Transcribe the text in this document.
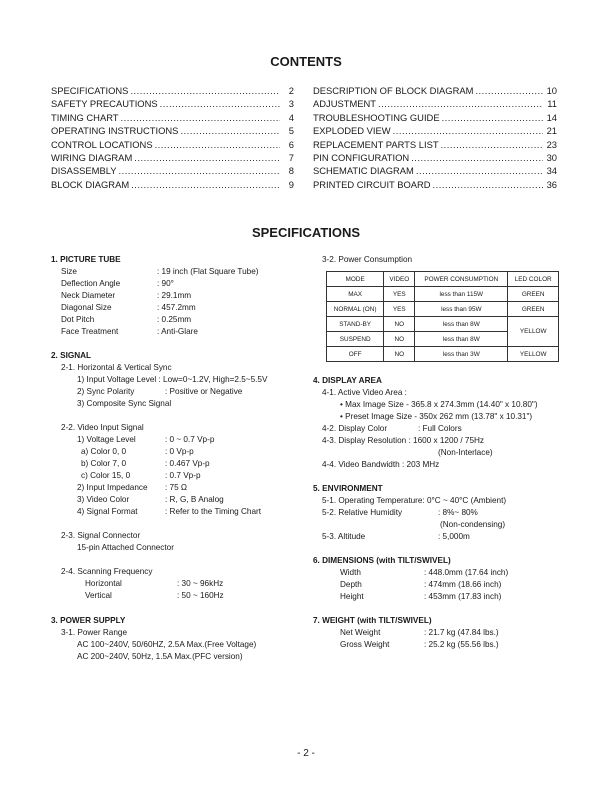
CONTENTS
SPECIFICATIONS .....	2
SAFETY PRECAUTIONS .....	3
TIMING CHART .....	4
OPERATING INSTRUCTIONS .....	5
CONTROL LOCATIONS .....	6
WIRING DIAGRAM .....	7
DISASSEMBLY .....	8
BLOCK DIAGRAM .....	9
DESCRIPTION OF BLOCK DIAGRAM .....	10
ADJUSTMENT .....	11
TROUBLESHOOTING GUIDE .....	14
EXPLODED VIEW .....	21
REPLACEMENT PARTS LIST .....	23
PIN CONFIGURATION .....	30
SCHEMATIC DIAGRAM .....	34
PRINTED CIRCUIT BOARD .....	36
SPECIFICATIONS
1. PICTURE TUBE
Size	: 19 inch (Flat Square Tube)
Deflection Angle	: 90°
Neck Diameter	: 29.1mm
Diagonal Size	: 457.2mm
Dot Pitch	: 0.25mm
Face Treatment	: Anti-Glare
2. SIGNAL
2-1. Horizontal & Vertical Sync
1) Input Voltage Level : Low=0~1.2V, High=2.5~5.5V
2) Sync Polarity	: Positive or Negative
3) Composite Sync Signal
2-2. Video Input Signal
1) Voltage Level	: 0 ~ 0.7 Vp-p
a) Color 0, 0	: 0 Vp-p
b) Color 7, 0	: 0.467 Vp-p
c) Color 15, 0	: 0.7 Vp-p
2) Input Impedance : 75 Ω
3) Video Color	: R, G, B Analog
4) Signal Format	: Refer to the Timing Chart
2-3. Signal Connector
15-pin Attached Connector
2-4. Scanning Frequency
Horizontal	: 30 ~ 96kHz
Vertical	: 50 ~ 160Hz
3. POWER SUPPLY
3-1. Power Range
AC 100~240V, 50/60HZ, 2.5A Max.(Free Voltage)
AC 200~240V, 50Hz, 1.5A Max.(PFC version)
3-2. Power Consumption
MODE	VIDEO	POWER CONSUMPTION	LED COLOR
MAX	YES	less than 115W	GREEN
NORMAL (ON)	YES	less than 95W	GREEN
STAND-BY	NO	less than 8W	YELLOW
SUSPEND	NO	less than 8W	
OFF	NO	less than 3W	YELLOW
4. DISPLAY AREA
4-1. Active Video Area :
• Max Image Size - 365.8 x 274.3mm (14.40" x 10.80")
• Preset Image Size - 350x 262 mm (13.78" x 10.31")
4-2. Display Color	: Full Colors
4-3. Display Resolution : 1600 x 1200 / 75Hz
(Non-Interlace)
4-4. Video Bandwidth : 203 MHz
5. ENVIRONMENT
5-1. Operating Temperature: 0°C ~ 40°C (Ambient)
5-2. Relative Humidity	: 8%~ 80%
(Non-condensing)
5-3. Altitude	: 5,000m
6. DIMENSIONS (with TILT/SWIVEL)
Width	: 448.0mm (17.64 inch)
Depth	: 474mm (18.66 inch)
Height	: 453mm (17.83 inch)
7. WEIGHT (with TILT/SWIVEL)
Net Weight	: 21.7 kg (47.84 lbs.)
Gross Weight	: 25.2 kg (55.56 lbs.)
- 2 -
